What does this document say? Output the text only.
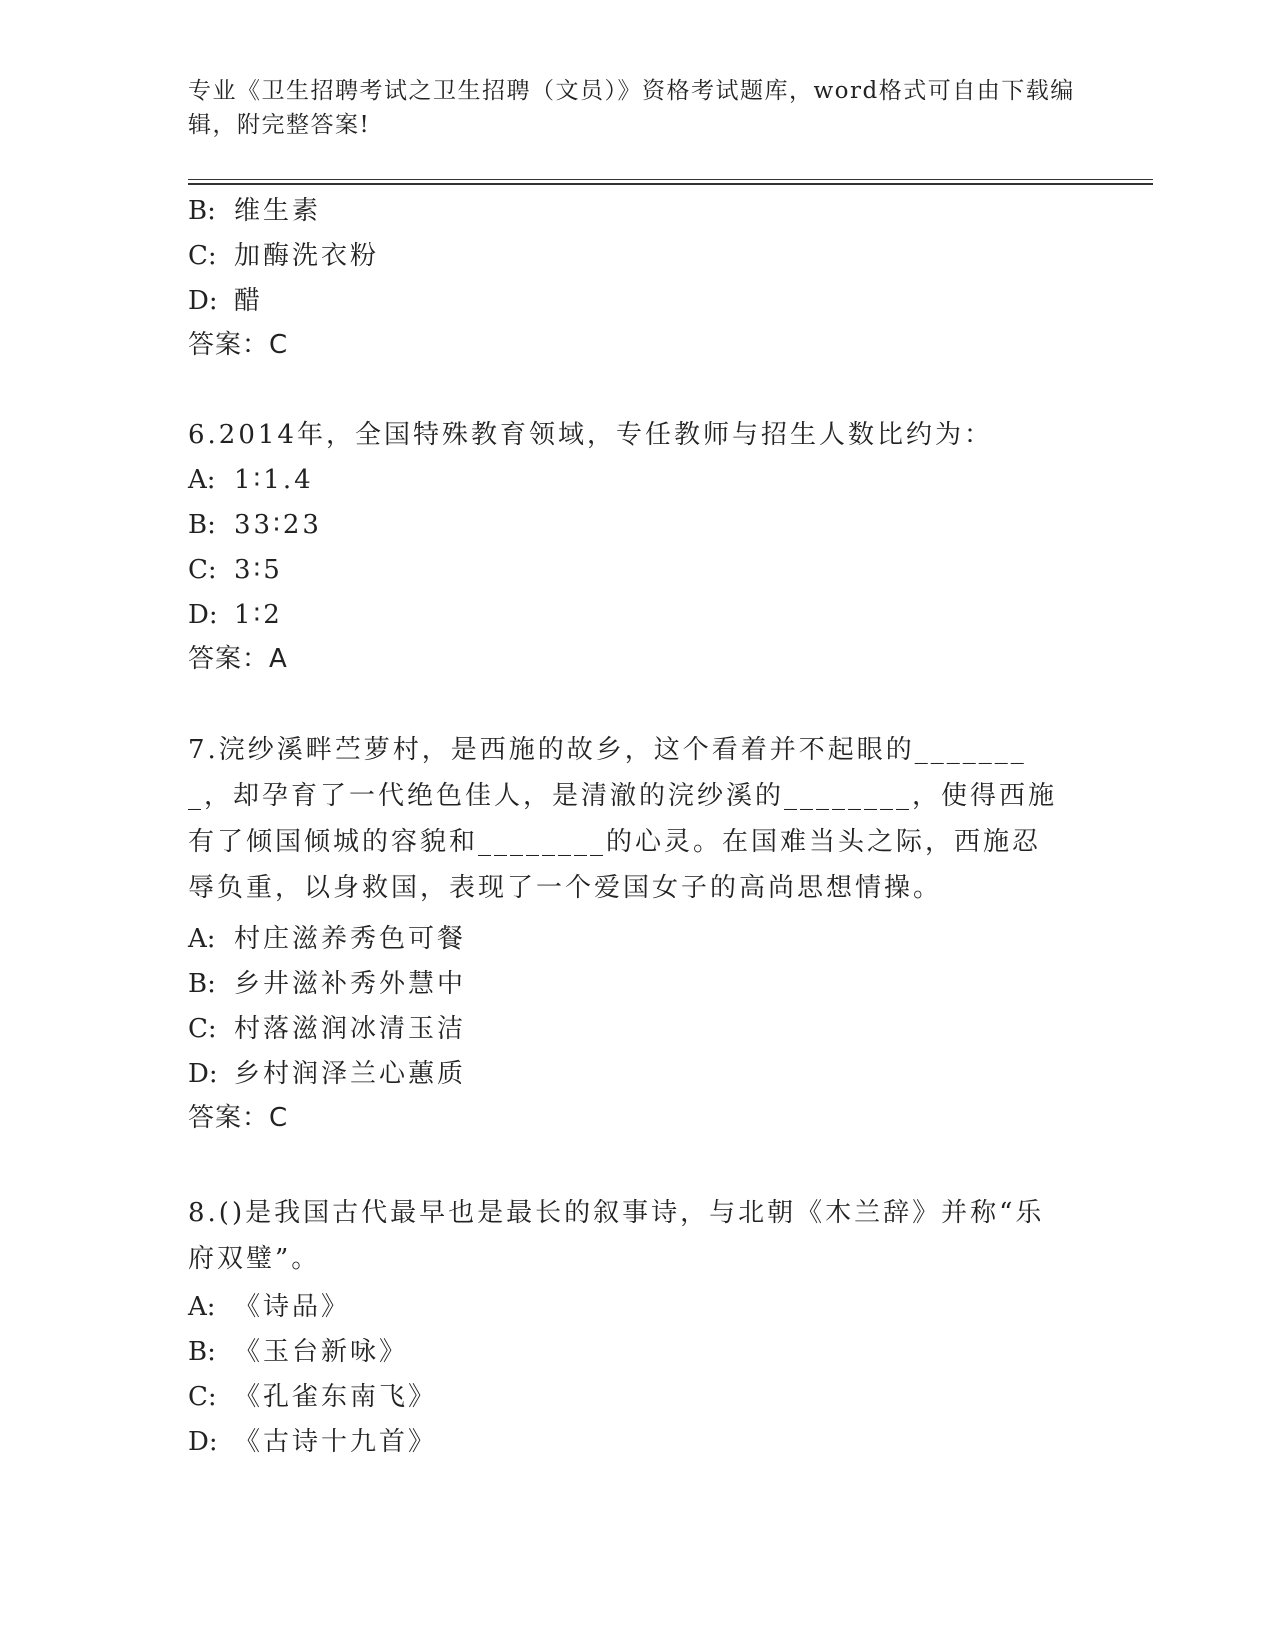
专业《卫生招聘考试之卫生招聘（文员）》资格考试题库，word格式可自由下载编辑，附完整答案!
B: 维生素
C: 加酶洗衣粉
D: 醋
答案：C
6.2014年，全国特殊教育领域，专任教师与招生人数比约为：
A: 1∶1.4
B: 33∶23
C: 3∶5
D: 1∶2
答案：A
7.浣纱溪畔苎萝村，是西施的故乡，这个看着并不起眼的________，却孕育了一代绝色佳人，是清澈的浣纱溪的________，使得西施有了倾国倾城的容貌和________的心灵。在国难当头之际，西施忍辱负重，以身救国，表现了一个爱国女子的高尚思想情操。
A: 村庄滋养秀色可餐
B: 乡井滋补秀外慧中
C: 村落滋润冰清玉洁
D: 乡村润泽兰心蕙质
答案：C
8.()是我国古代最早也是最长的叙事诗，与北朝《木兰辞》并称“乐府双璧”。
A: 《诗品》
B: 《玉台新咏》
C: 《孔雀东南飞》
D: 《古诗十九首》
